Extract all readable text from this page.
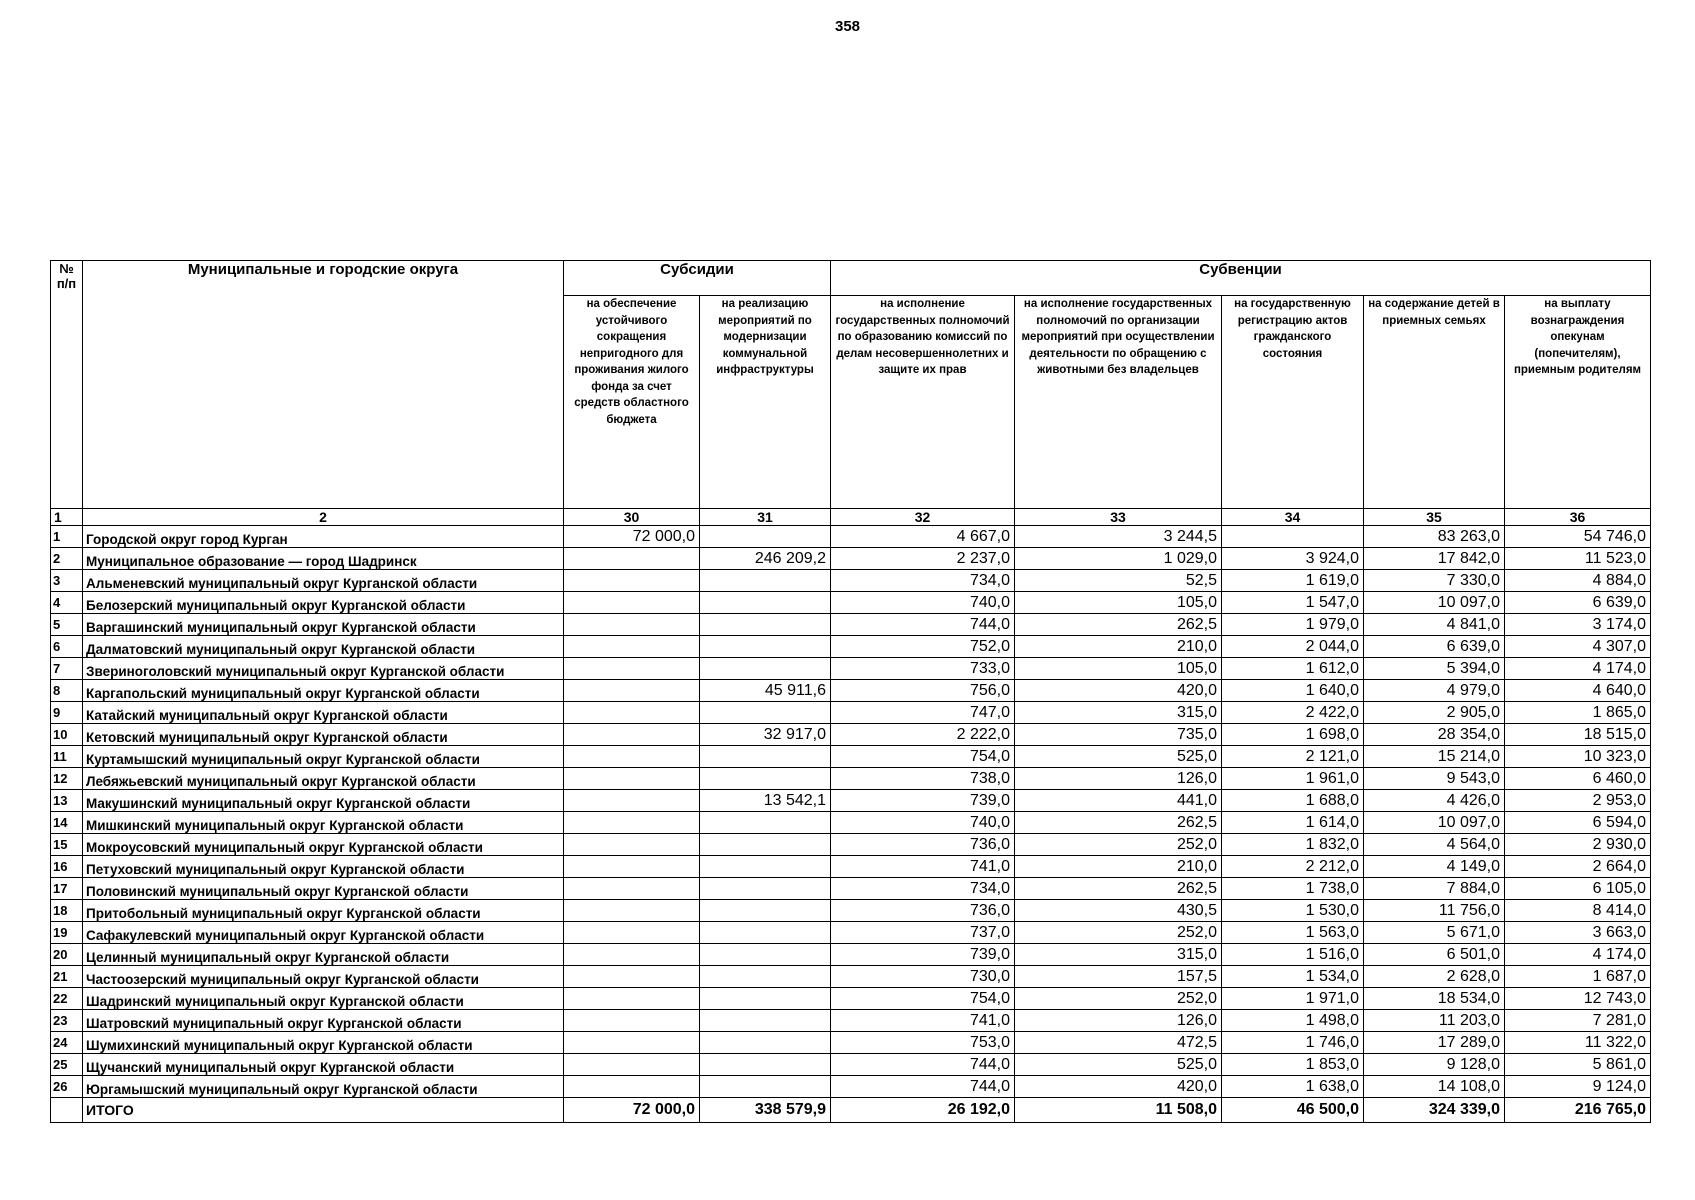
358
№ п/п	Муниципальные и городские округа	Субсидии		Субвенции				
		на обеспечение устойчивого сокращения непригодного для проживания жилого фонда за счет средств областного бюджета	на реализацию мероприятий по модернизации коммунальной инфраструктуры	на исполнение государственных полномочий по образованию комиссий по делам несовершеннолетних и защите их прав	на исполнение государственных полномочий по организации мероприятий при осуществлении деятельности по обращению с животными без владельцев	на государственную регистрацию актов гражданского состояния	на содержание детей в приемных семьях	на выплату вознаграждения опекунам (попечителям), приемным родителям
1	2	30	31	32	33	34	35	36
1	Городской округ город Курган	72 000,0		4 667,0	3 244,5		83 263,0	54 746,0
2	Муниципальное образование — город Шадринск		246 209,2	2 237,0	1 029,0	3 924,0	17 842,0	11 523,0
3	Альменевский муниципальный округ Курганской области			734,0	52,5	1 619,0	7 330,0	4 884,0
4	Белозерский муниципальный округ Курганской области			740,0	105,0	1 547,0	10 097,0	6 639,0
5	Варгашинский муниципальный округ Курганской области			744,0	262,5	1 979,0	4 841,0	3 174,0
6	Далматовский муниципальный округ Курганской области			752,0	210,0	2 044,0	6 639,0	4 307,0
7	Звериноголовский муниципальный округ Курганской области			733,0	105,0	1 612,0	5 394,0	4 174,0
8	Каргапольский муниципальный округ Курганской области		45 911,6	756,0	420,0	1 640,0	4 979,0	4 640,0
9	Катайский муниципальный округ Курганской области			747,0	315,0	2 422,0	2 905,0	1 865,0
10	Кетовский муниципальный округ Курганской области		32 917,0	2 222,0	735,0	1 698,0	28 354,0	18 515,0
11	Куртамышский муниципальный округ Курганской области			754,0	525,0	2 121,0	15 214,0	10 323,0
12	Лебяжьевский муниципальный округ Курганской области			738,0	126,0	1 961,0	9 543,0	6 460,0
13	Макушинский муниципальный округ Курганской области		13 542,1	739,0	441,0	1 688,0	4 426,0	2 953,0
14	Мишкинский муниципальный округ Курганской области			740,0	262,5	1 614,0	10 097,0	6 594,0
15	Мокроусовский муниципальный округ Курганской области			736,0	252,0	1 832,0	4 564,0	2 930,0
16	Петуховский муниципальный округ Курганской области			741,0	210,0	2 212,0	4 149,0	2 664,0
17	Половинский муниципальный округ Курганской области			734,0	262,5	1 738,0	7 884,0	6 105,0
18	Притобольный муниципальный округ Курганской области			736,0	430,5	1 530,0	11 756,0	8 414,0
19	Сафакулевский муниципальный округ Курганской области			737,0	252,0	1 563,0	5 671,0	3 663,0
20	Целинный муниципальный округ Курганской области			739,0	315,0	1 516,0	6 501,0	4 174,0
21	Частоозерский муниципальный округ Курганской области			730,0	157,5	1 534,0	2 628,0	1 687,0
22	Шадринский муниципальный округ Курганской области			754,0	252,0	1 971,0	18 534,0	12 743,0
23	Шатровский муниципальный округ Курганской области			741,0	126,0	1 498,0	11 203,0	7 281,0
24	Шумихинский муниципальный округ Курганской области			753,0	472,5	1 746,0	17 289,0	11 322,0
25	Щучанский муниципальный округ Курганской области			744,0	525,0	1 853,0	9 128,0	5 861,0
26	Юргамышский муниципальный округ Курганской области			744,0	420,0	1 638,0	14 108,0	9 124,0
	ИТОГО	72 000,0	338 579,9	26 192,0	11 508,0	46 500,0	324 339,0	216 765,0
